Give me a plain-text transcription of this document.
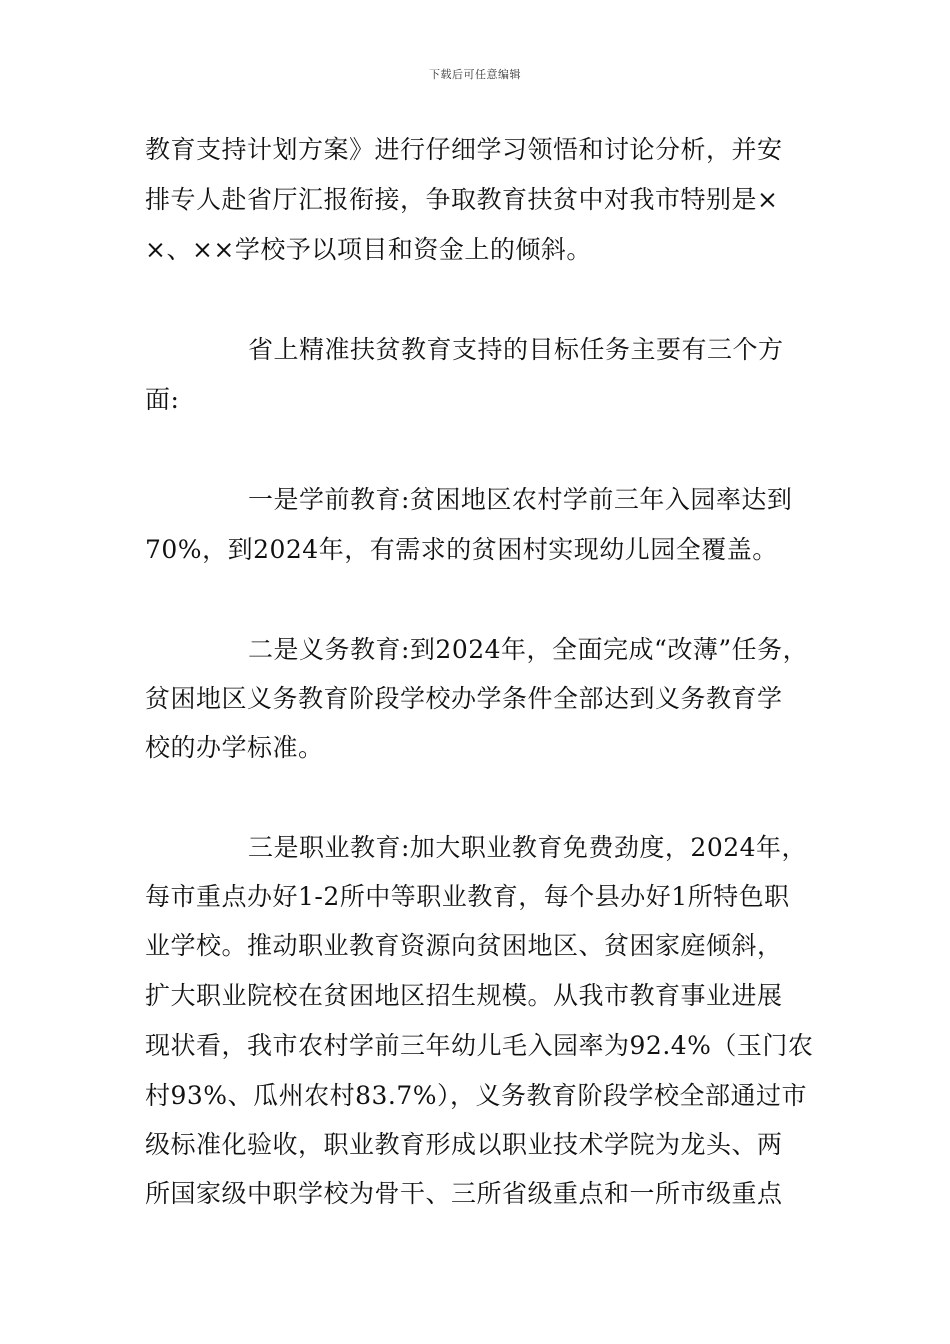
下载后可任意编辑
教育支持计划方案》进行仔细学习领悟和讨论分析，并安
排专人赴省厅汇报衔接，争取教育扶贫中对我市特别是×
×、××学校予以项目和资金上的倾斜。
省上精准扶贫教育支持的目标任务主要有三个方
面:
一是学前教育:贫困地区农村学前三年入园率达到
70%，到2024年，有需求的贫困村实现幼儿园全覆盖。
二是义务教育:到2024年，全面完成“改薄”任务，
贫困地区义务教育阶段学校办学条件全部达到义务教育学
校的办学标准。
三是职业教育:加大职业教育免费劲度，2024年，
每市重点办好1-2所中等职业教育，每个县办好1所特色职
业学校。推动职业教育资源向贫困地区、贫困家庭倾斜，
扩大职业院校在贫困地区招生规模。从我市教育事业进展
现状看，我市农村学前三年幼儿毛入园率为92.4%（玉门农
村93%、瓜州农村83.7%），义务教育阶段学校全部通过市
级标准化验收，职业教育形成以职业技术学院为龙头、两
所国家级中职学校为骨干、三所省级重点和一所市级重点
